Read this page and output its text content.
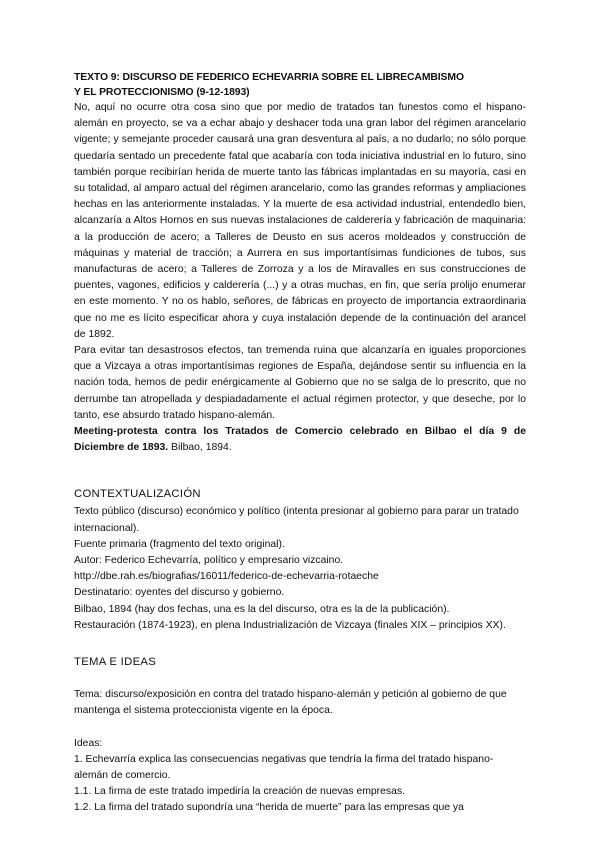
TEXTO 9: DISCURSO DE FEDERICO ECHEVARRIA SOBRE EL LIBRECAMBISMO
Y EL PROTECCIONISMO (9-12-1893)

No, aquí no ocurre otra cosa sino que por medio de tratados tan funestos como el hispano-alemán en proyecto, se va a echar abajo y deshacer toda una gran labor del régimen arancelario vigente; y semejante proceder causará una gran desventura al país, a no dudarlo; no sólo porque quedaría sentado un precedente fatal que acabaría con toda iniciativa industrial en lo futuro, sino también porque recibirían herida de muerte tanto las fábricas implantadas en su mayoría, casi en su totalidad, al amparo actual del régimen arancelario, como las grandes reformas y ampliaciones hechas en las anteriormente instaladas. Y la muerte de esa actividad industrial, entendedlo bien, alcanzaría a Altos Hornos en sus nuevas instalaciones de calderería y fabricación de maquinaria: a la producción de acero; a Talleres de Deusto en sus aceros moldeados y construcción de máquinas y material de tracción; a Aurrera en sus importantísimas fundiciones de tubos, sus manufacturas de acero; a Talleres de Zorroza y a los de Miravalles en sus construcciones de puentes, vagones, edificios y calderería (...) y a otras muchas, en fin, que sería prolijo enumerar en este momento. Y no os hablo, señores, de fábricas en proyecto de importancia extraordinaria que no me es lícito especificar ahora y cuya instalación depende de la continuación del arancel de 1892.

Para evitar tan desastrosos efectos, tan tremenda ruina que alcanzaría en iguales proporciones que a Vizcaya a otras importantísimas regiones de España, dejándose sentir su influencia en la nación toda, hemos de pedir enérgicamente al Gobierno que no se salga de lo prescrito, que no derrumbe tan atropellada y despiadadamente el actual régimen protector, y que deseche, por lo tanto, ese absurdo tratado hispano-alemán.

Meeting-protesta contra los Tratados de Comercio celebrado en Bilbao el día 9 de Diciembre de 1893. Bilbao, 1894.

CONTEXTUALIZACIÓN

Texto público (discurso) económico y político (intenta presionar al gobierno para parar un tratado internacional).

Fuente primaria (fragmento del texto original).

Autor: Federico Echevarría, político y empresario vizcaino.

http://dbe.rah.es/biografias/16011/federico-de-echevarria-rotaeche

Destinatario: oyentes del discurso y gobierno.

Bilbao, 1894 (hay dos fechas, una es la del discurso, otra es la de la publicación).

Restauración (1874-1923), en plena Industrialización de Vizcaya (finales XIX – principios XX).

TEMA E IDEAS

Tema: discurso/exposición en contra del tratado hispano-alemán y petición al gobierno de que mantenga el sistema proteccionista vigente en la época.

Ideas:

1. Echevarría explica las consecuencias negativas que tendría la firma del tratado hispano-alemán de comercio.

1.1. La firma de este tratado impediría la creación de nuevas empresas.

1.2. La firma del tratado supondría una “herida de muerte” para las empresas que ya
